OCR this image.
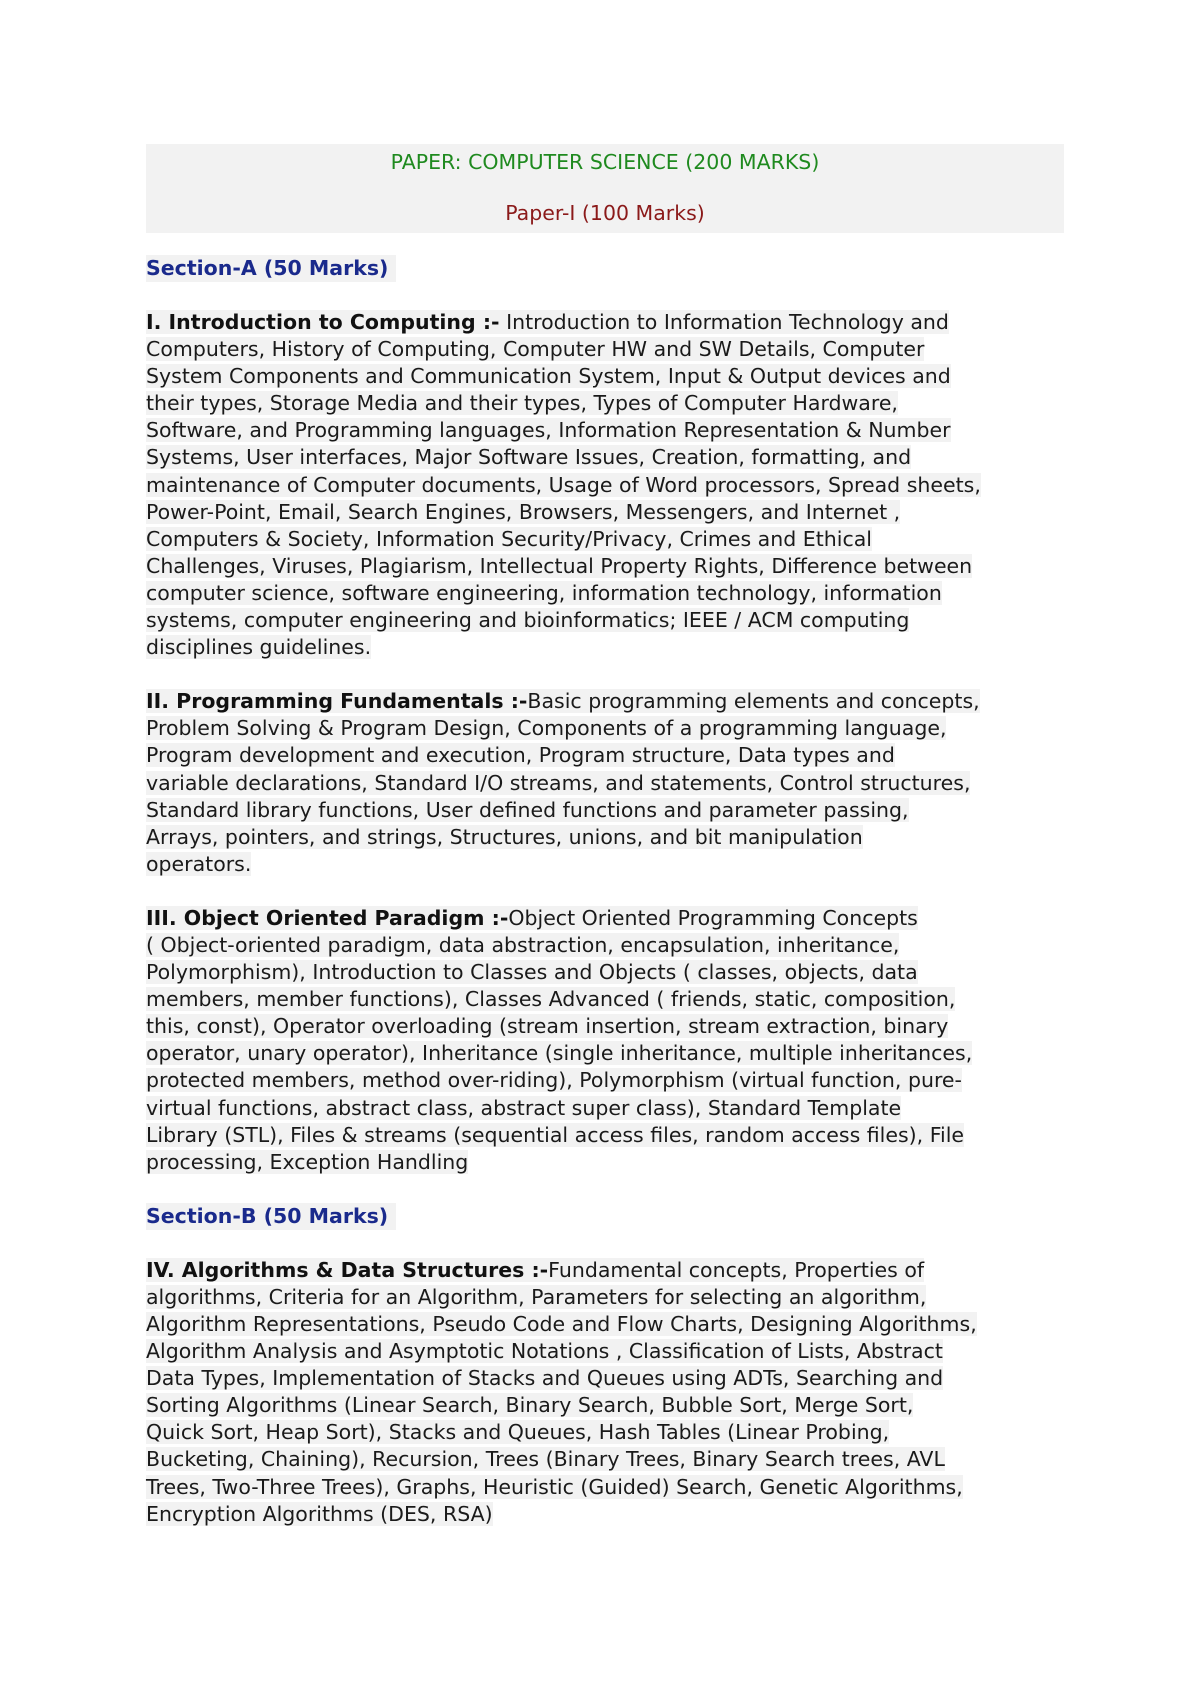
PAPER: COMPUTER SCIENCE (200 MARKS)

Paper-I (100 Marks)

Section-A (50 Marks)
I. Introduction to Computing :- Introduction to Information Technology and
Computers, History of Computing, Computer HW and SW Details, Computer
System Components and Communication System, Input & Output devices and
their types, Storage Media and their types, Types of Computer Hardware,
Software, and Programming languages, Information Representation & Number
Systems, User interfaces, Major Software Issues, Creation, formatting, and
maintenance of Computer documents, Usage of Word processors, Spread sheets,
Power-Point, Email, Search Engines, Browsers, Messengers, and Internet ,
Computers & Society, Information Security/Privacy, Crimes and Ethical
Challenges, Viruses, Plagiarism, Intellectual Property Rights, Difference between
computer science, software engineering, information technology, information
systems, computer engineering and bioinformatics; IEEE / ACM computing
disciplines guidelines.
II. Programming Fundamentals :-Basic programming elements and concepts,
Problem Solving & Program Design, Components of a programming language,
Program development and execution, Program structure, Data types and
variable declarations, Standard I/O streams, and statements, Control structures,
Standard library functions, User defined functions and parameter passing,
Arrays, pointers, and strings, Structures, unions, and bit manipulation
operators.
III. Object Oriented Paradigm :-Object Oriented Programming Concepts
( Object-oriented paradigm, data abstraction, encapsulation, inheritance,
Polymorphism), Introduction to Classes and Objects ( classes, objects, data
members, member functions), Classes Advanced ( friends, static, composition,
this, const), Operator overloading (stream insertion, stream extraction, binary
operator, unary operator), Inheritance (single inheritance, multiple inheritances,
protected members, method over-riding), Polymorphism (virtual function, pure-
virtual functions, abstract class, abstract super class), Standard Template
Library (STL), Files & streams (sequential access files, random access files), File
processing, Exception Handling
Section-B (50 Marks)
IV. Algorithms & Data Structures :-Fundamental concepts, Properties of
algorithms, Criteria for an Algorithm, Parameters for selecting an algorithm,
Algorithm Representations, Pseudo Code and Flow Charts, Designing Algorithms,
Algorithm Analysis and Asymptotic Notations , Classification of Lists, Abstract
Data Types, Implementation of Stacks and Queues using ADTs, Searching and
Sorting Algorithms (Linear Search, Binary Search, Bubble Sort, Merge Sort,
Quick Sort, Heap Sort), Stacks and Queues, Hash Tables (Linear Probing,
Bucketing, Chaining), Recursion, Trees (Binary Trees, Binary Search trees, AVL
Trees, Two-Three Trees), Graphs, Heuristic (Guided) Search, Genetic Algorithms,
Encryption Algorithms (DES, RSA)
